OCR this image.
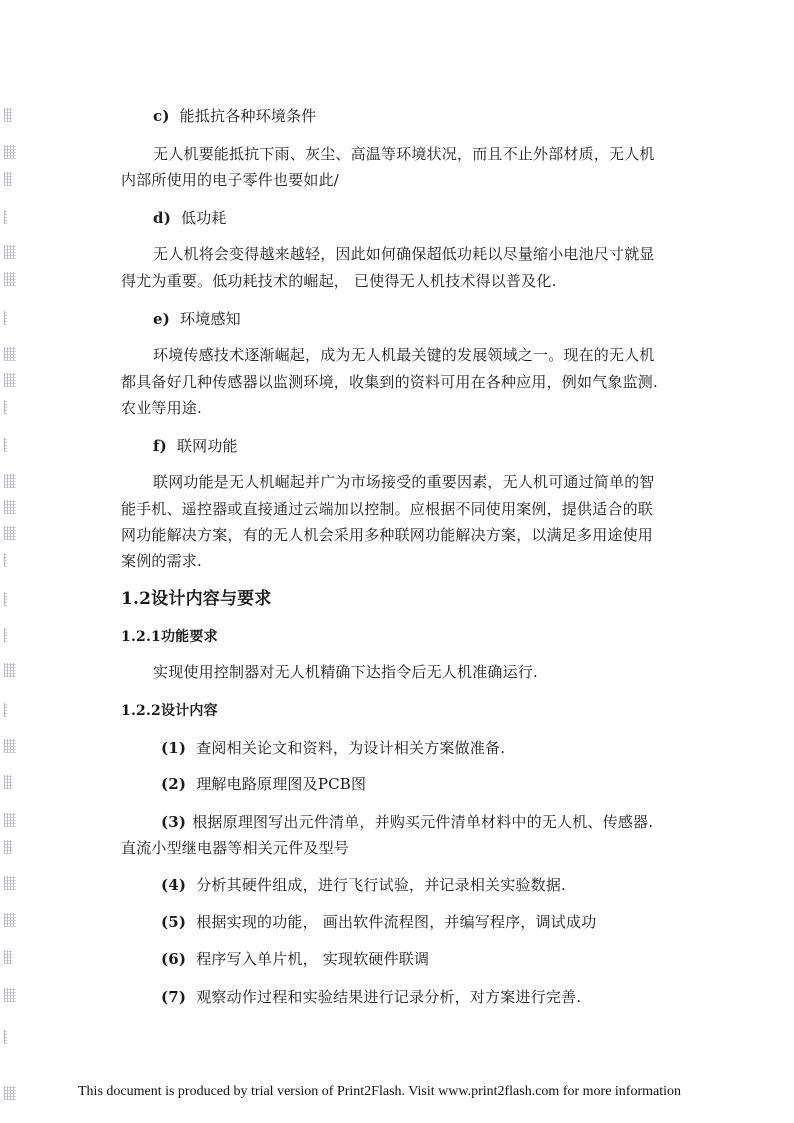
c) 能抵抗各种环境条件
无人机要能抵抗下雨、灰尘、高温等环境状况，而且不止外部材质，无人机
内部所使用的电子零件也要如此/
d) 低功耗
无人机将会变得越来越轻，因此如何确保超低功耗以尽量缩小电池尺寸就显
得尤为重要。低功耗技术的崛起， 已使得无人机技术得以普及化.
e) 环境感知
环境传感技术逐渐崛起，成为无人机最关键的发展领域之一。现在的无人机
都具备好几种传感器以监测环境，收集到的资料可用在各种应用，例如气象监测.
农业等用途.
f) 联网功能
联网功能是无人机崛起并广为市场接受的重要因素，无人机可通过简单的智
能手机、遥控器或直接通过云端加以控制。应根据不同使用案例，提供适合的联
网功能解决方案，有的无人机会采用多种联网功能解决方案，以满足多用途使用
案例的需求.
1.2设计内容与要求
1.2.1功能要求
实现使用控制器对无人机精确下达指令后无人机准确运行.
1.2.2设计内容
(1) 查阅相关论文和资料，为设计相关方案做准备.
(2) 理解电路原理图及PCB图
(3) 根据原理图写出元件清单，并购买元件清单材料中的无人机、传感器.
直流小型继电器等相关元件及型号
(4) 分析其硬件组成，进行飞行试验，并记录相关实验数据.
(5) 根据实现的功能， 画出软件流程图，并编写程序，调试成功
(6) 程序写入单片机， 实现软硬件联调
(7) 观察动作过程和实验结果进行记录分析，对方案进行完善.
This document is produced by trial version of Print2Flash. Visit www.print2flash.com for more information
